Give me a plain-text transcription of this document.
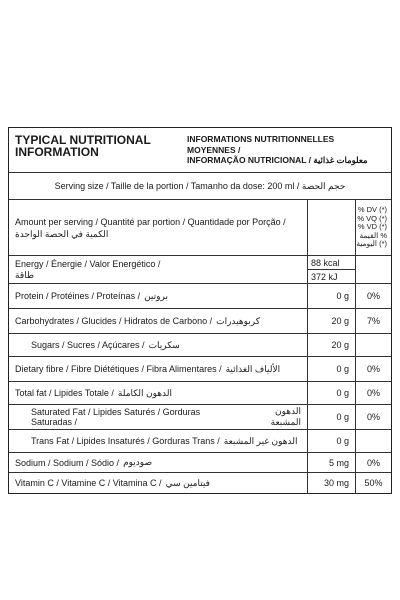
TYPICAL NUTRITIONAL
INFORMATION
INFORMATIONS NUTRITIONNELLES MOYENNES /
INFORMAÇÃO NUTRICIONAL / معلومات غذائية
Serving size / Taille de la portion / Tamanho da dose: 200 ml / حجم الحصة
Amount per serving / Quantité par portion / Quantidade por Porção /
الكمية في الحصة الواحدة
% DV (*)
% VQ (*)
% VD (*)
% القيمة
(*) اليومية
Energy / Énergie / Valor Energético /
طاقة
88 kcal
372 kJ
Protein / Protéines / Proteínas / بروتين	0 g	0%
Carbohydrates / Glucides / Hidratos de Carbono / كربوهيدرات	20 g	7%
Sugars / Sucres / Açúcares / سكريات	20 g
Dietary fibre / Fibre Diététiques / Fibra Alimentares / الألياف الغذائية	0 g	0%
Total fat / Lipides Totale / الدهون الكاملة	0 g	0%
Saturated Fat / Lipides Saturés / Gorduras Saturadas /
الدهون المشبعة	0 g	0%
Trans Fat / Lipides Insaturés / Gorduras Trans / الدهون غير المشبعة	0 g
Sodium / Sodium / Sódio / صوديوم	5 mg	0%
Vitamin C / Vitamine C / Vitamina C / فيتامين سي	30 mg	50%
